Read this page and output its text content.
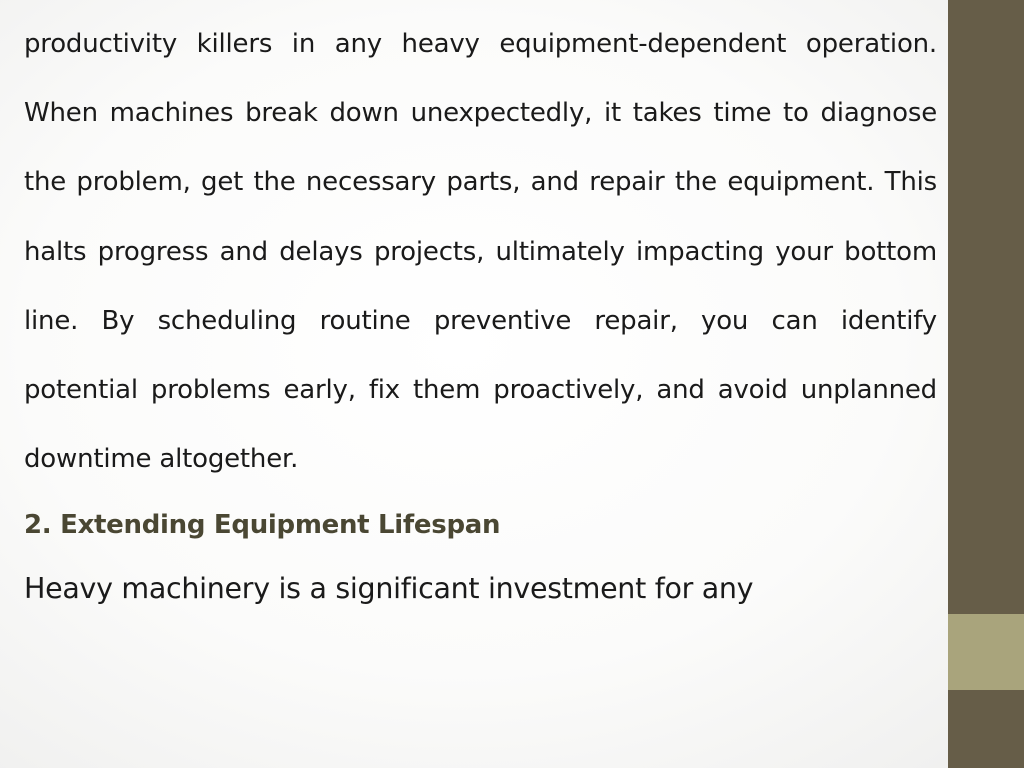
productivity killers in any heavy equipment-dependent operation. When machines break down unexpectedly, it takes time to diagnose the problem, get the necessary parts, and repair the equipment. This halts progress and delays projects, ultimately impacting your bottom line. By scheduling routine preventive repair, you can identify potential problems early, fix them proactively, and avoid unplanned downtime altogether.

2. Extending Equipment Lifespan

Heavy machinery is a significant investment for any
